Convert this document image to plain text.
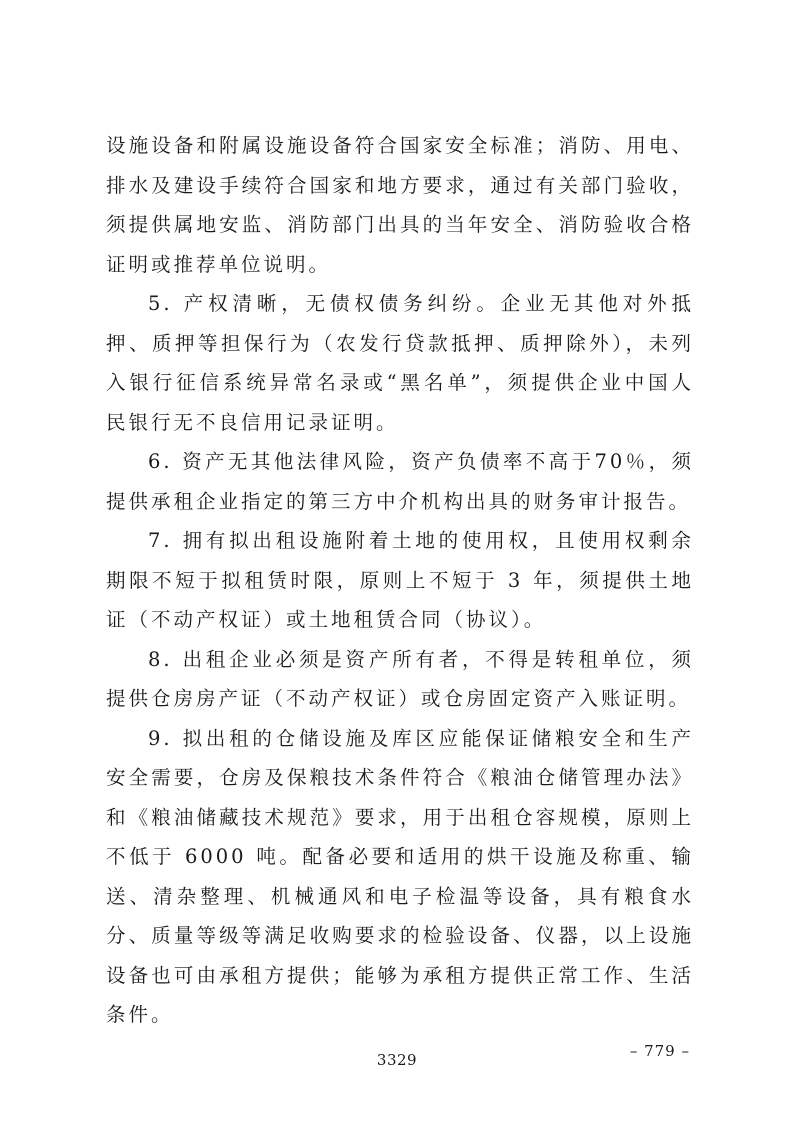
设施设备和附属设施设备符合国家安全标准；消防、用电、排水及建设手续符合国家和地方要求，通过有关部门验收，须提供属地安监、消防部门出具的当年安全、消防验收合格证明或推荐单位说明。

5. 产权清晰，无债权债务纠纷。企业无其他对外抵押、质押等担保行为（农发行贷款抵押、质押除外），未列入银行征信系统异常名录或“黑名单”，须提供企业中国人民银行无不良信用记录证明。

6. 资产无其他法律风险，资产负债率不高于70％，须提供承租企业指定的第三方中介机构出具的财务审计报告。

7. 拥有拟出租设施附着土地的使用权，且使用权剩余期限不短于拟租赁时限，原则上不短于 3 年，须提供土地证（不动产权证）或土地租赁合同（协议）。

8. 出租企业必须是资产所有者，不得是转租单位，须提供仓房房产证（不动产权证）或仓房固定资产入账证明。

9. 拟出租的仓储设施及库区应能保证储粮安全和生产安全需要，仓房及保粮技术条件符合《粮油仓储管理办法》和《粮油储藏技术规范》要求，用于出租仓容规模，原则上不低于 6000 吨。配备必要和适用的烘干设施及称重、输送、清杂整理、机械通风和电子检温等设备，具有粮食水分、质量等级等满足收购要求的检验设备、仪器，以上设施设备也可由承租方提供；能够为承租方提供正常工作、生活条件。

– 779 –
3329
